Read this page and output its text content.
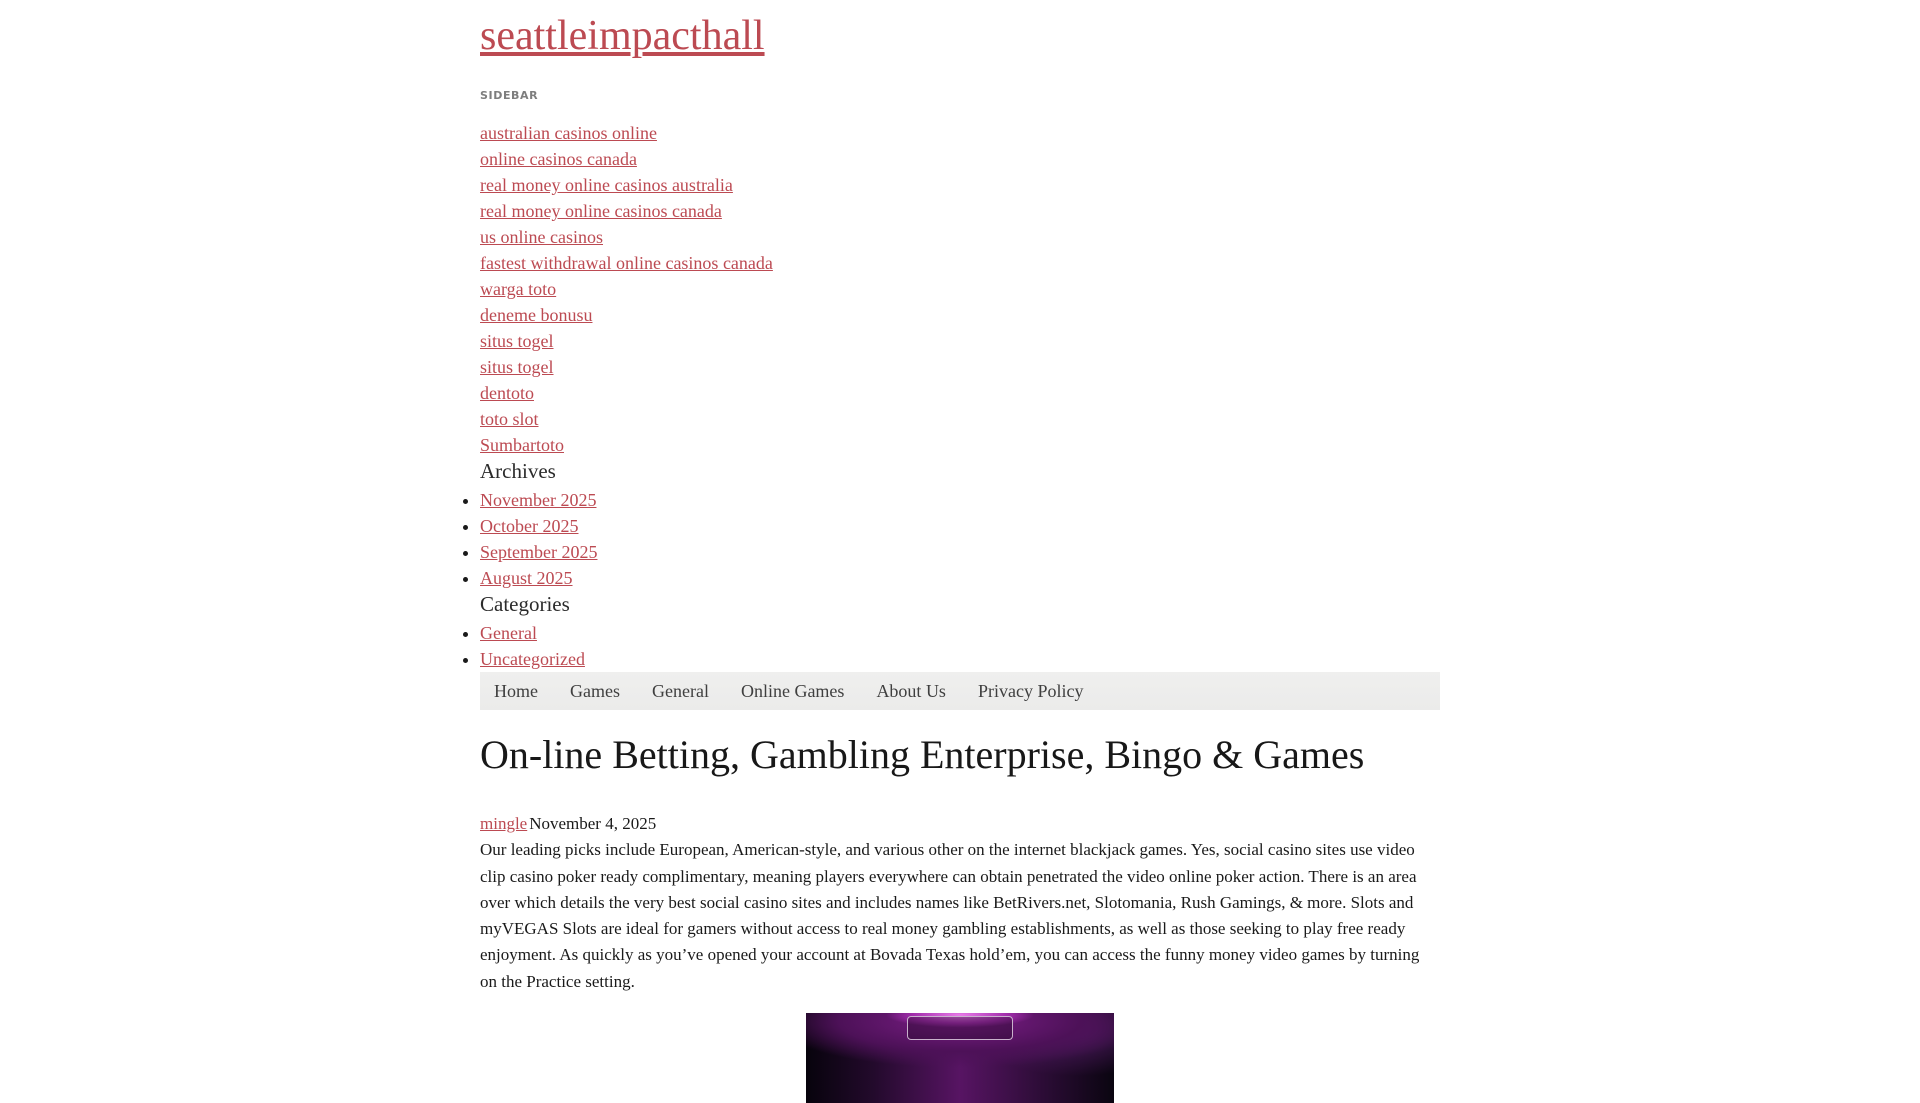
seattleimpacthall
SIDEBAR
australian casinos online
online casinos canada
real money online casinos australia
real money online casinos canada
us online casinos
fastest withdrawal online casinos canada
warga toto
deneme bonusu
situs togel
situs togel
dentoto
toto slot
Sumbartoto
Archives
• November 2025
• October 2025
• September 2025
• August 2025
Categories
• General
• Uncategorized
Home Games General Online Games About Us Privacy Policy
On-line Betting, Gambling Enterprise, Bingo & Games
mingle November 4, 2025

Our leading picks include European, American-style, and various other on the internet blackjack games. Yes, social casino sites use video clip casino poker ready complimentary, meaning players everywhere can obtain penetrated the video online poker action. There is an area over which details the very best social casino sites and includes names like BetRivers.net, Slotomania, Rush Gamings, & more. Slots and myVEGAS Slots are ideal for gamers without access to real money gambling establishments, as well as those seeking to play free ready enjoyment. As quickly as you’ve opened your account at Bovada Texas hold’em, you can access the funny money video games by turning on the Practice setting.
